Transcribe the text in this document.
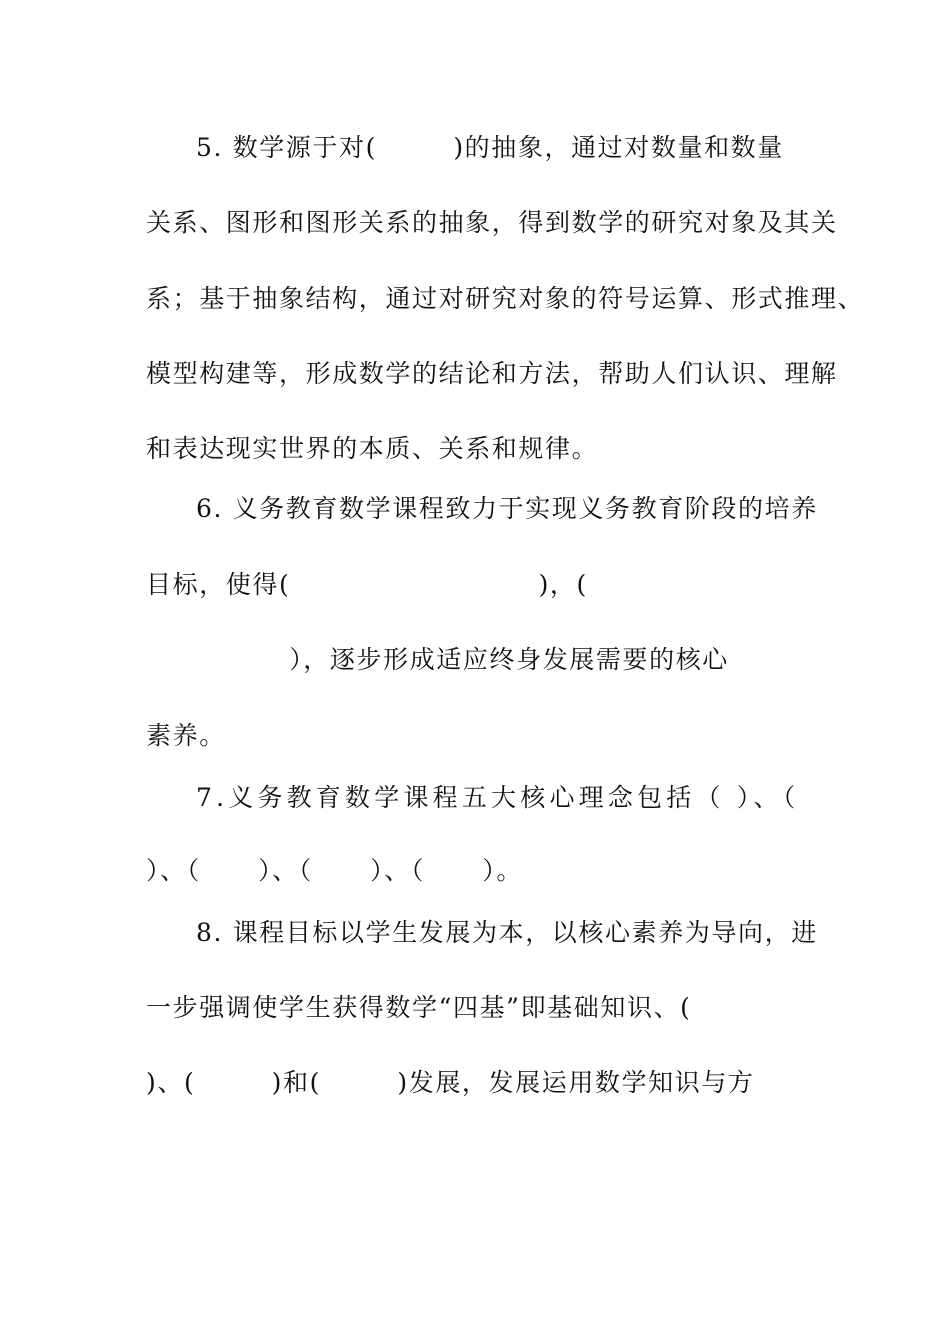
5. 数学源于对(        )的抽象，通过对数量和数量
关系、图形和图形关系的抽象，得到数学的研究对象及其关
系；基于抽象结构，通过对研究对象的符号运算、形式推理、
模型构建等，形成数学的结论和方法，帮助人们认识、理解
和表达现实世界的本质、关系和规律。
6. 义务教育数学课程致力于实现义务教育阶段的培养
目标，使得(                          )，(
），逐步形成适应终身发展需要的核心
素养。
7.义务教育数学课程五大核心理念包括（ ）、（
）、（      ）、（      ）、（      ）。
8. 课程目标以学生发展为本，以核心素养为导向，进
一步强调使学生获得数学“四基”即基础知识、(
)、(        )和(        )发展，发展运用数学知识与方
